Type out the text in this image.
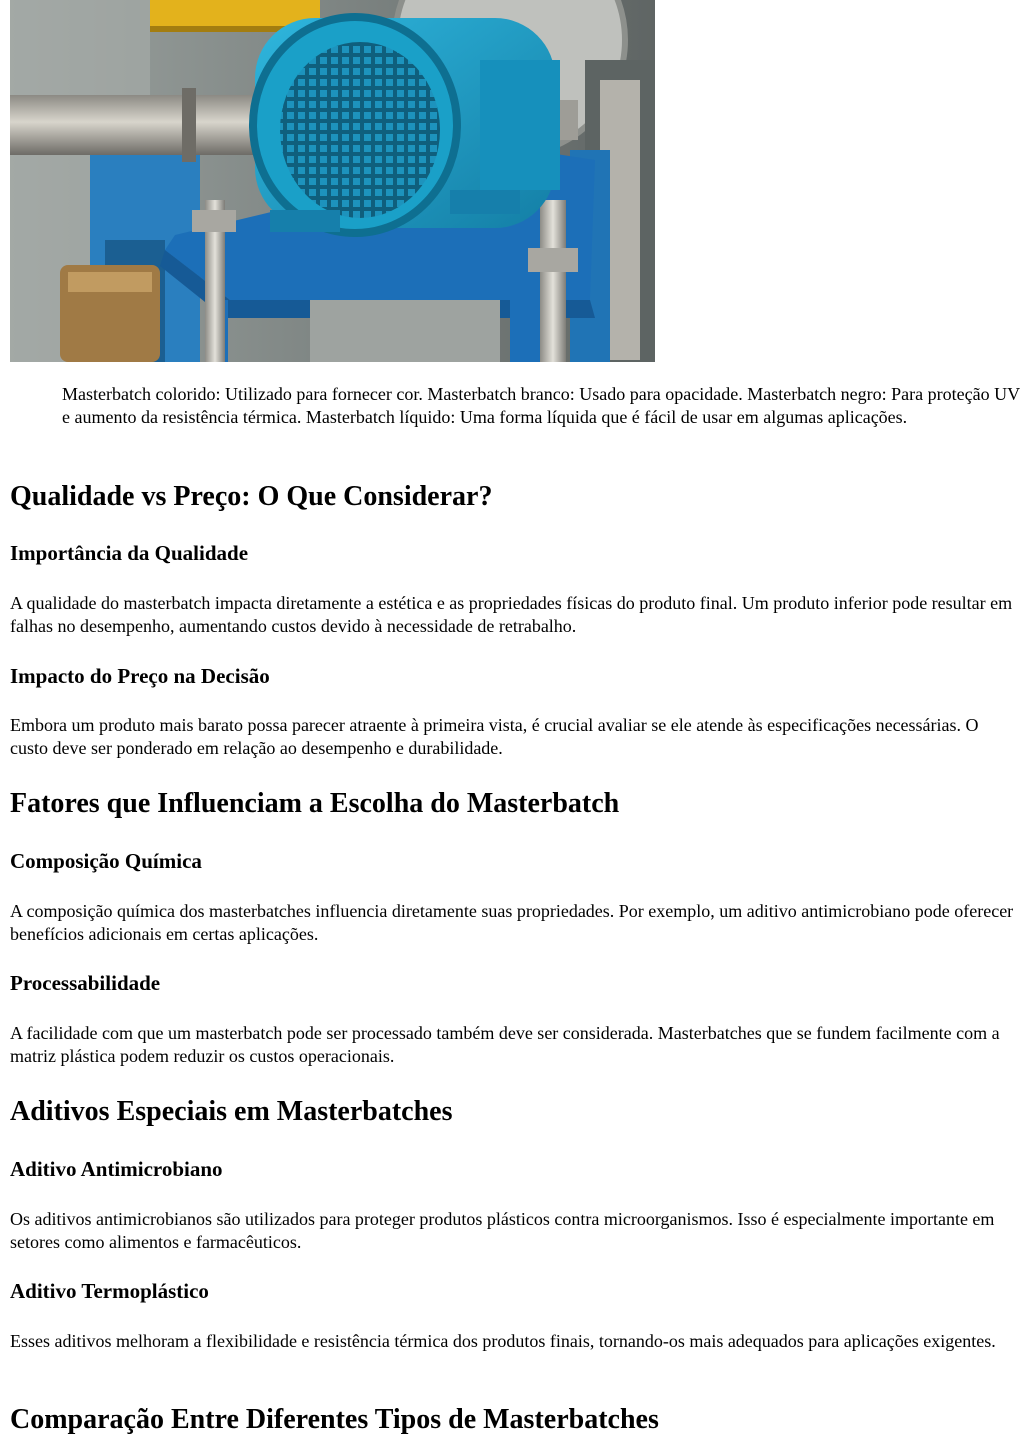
Masterbatch colorido: Utilizado para fornecer cor. Masterbatch branco: Usado para opacidade. Masterbatch negro: Para proteção UV e aumento da resistência térmica. Masterbatch líquido: Uma forma líquida que é fácil de usar em algumas aplicações.

Qualidade vs Preço: O Que Considerar?
Importância da Qualidade

A qualidade do masterbatch impacta diretamente a estética e as propriedades físicas do produto final. Um produto inferior pode resultar em falhas no desempenho, aumentando custos devido à necessidade de retrabalho.

Impacto do Preço na Decisão

Embora um produto mais barato possa parecer atraente à primeira vista, é crucial avaliar se ele atende às especificações necessárias. O custo deve ser ponderado em relação ao desempenho e durabilidade.

Fatores que Influenciam a Escolha do Masterbatch
Composição Química

A composição química dos masterbatches influencia diretamente suas propriedades. Por exemplo, um aditivo antimicrobiano pode oferecer benefícios adicionais em certas aplicações.

Processabilidade

A facilidade com que um masterbatch pode ser processado também deve ser considerada. Masterbatches que se fundem facilmente com a matriz plástica podem reduzir os custos operacionais.

Aditivos Especiais em Masterbatches
Aditivo Antimicrobiano

Os aditivos antimicrobianos são utilizados para proteger produtos plásticos contra microorganismos. Isso é especialmente importante em setores como alimentos e farmacêuticos.

Aditivo Termoplástico

Esses aditivos melhoram a flexibilidade e resistência térmica dos produtos finais, tornando-os mais adequados para aplicações exigentes.

Comparação Entre Diferentes Tipos de Masterbatches
